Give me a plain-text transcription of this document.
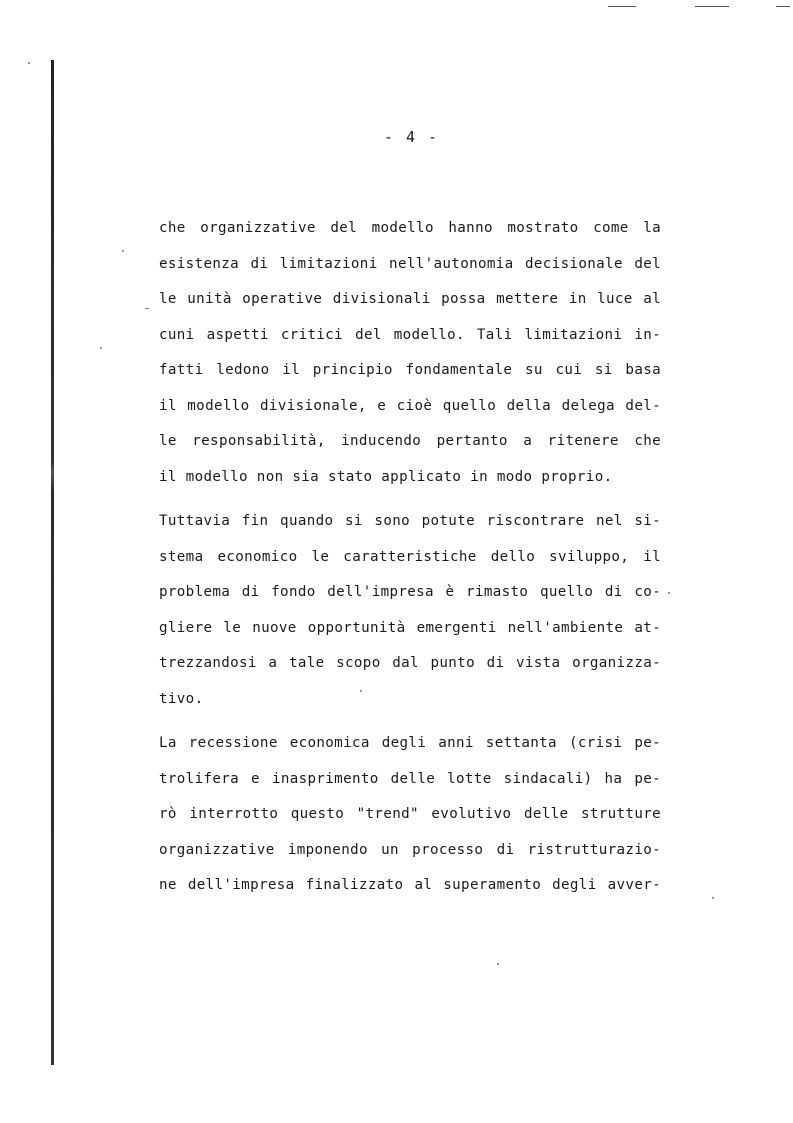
- 4 -

che organizzative del modello hanno mostrato come la
esistenza di limitazioni nell'autonomia decisionale del
le unità operative divisionali possa mettere in luce al
cuni aspetti critici del modello. Tali limitazioni in-
fatti ledono il principio fondamentale su cui si basa
il modello divisionale, e cioè quello della delega del-
le responsabilità, inducendo pertanto a ritenere che
il modello non sia stato applicato in modo proprio.

Tuttavia fin quando si sono potute riscontrare nel si-
stema economico le caratteristiche dello sviluppo, il
problema di fondo dell'impresa è rimasto quello di co-
gliere le nuove opportunità emergenti nell'ambiente at-
trezzandosi a tale scopo dal punto di vista organizza-
tivo.

La recessione economica degli anni settanta (crisi pe-
trolifera e inasprimento delle lotte sindacali) ha pe-
rò interrotto questo "trend" evolutivo delle strutture
organizzative imponendo un processo di ristrutturazio-
ne dell'impresa finalizzato al superamento degli avver-
